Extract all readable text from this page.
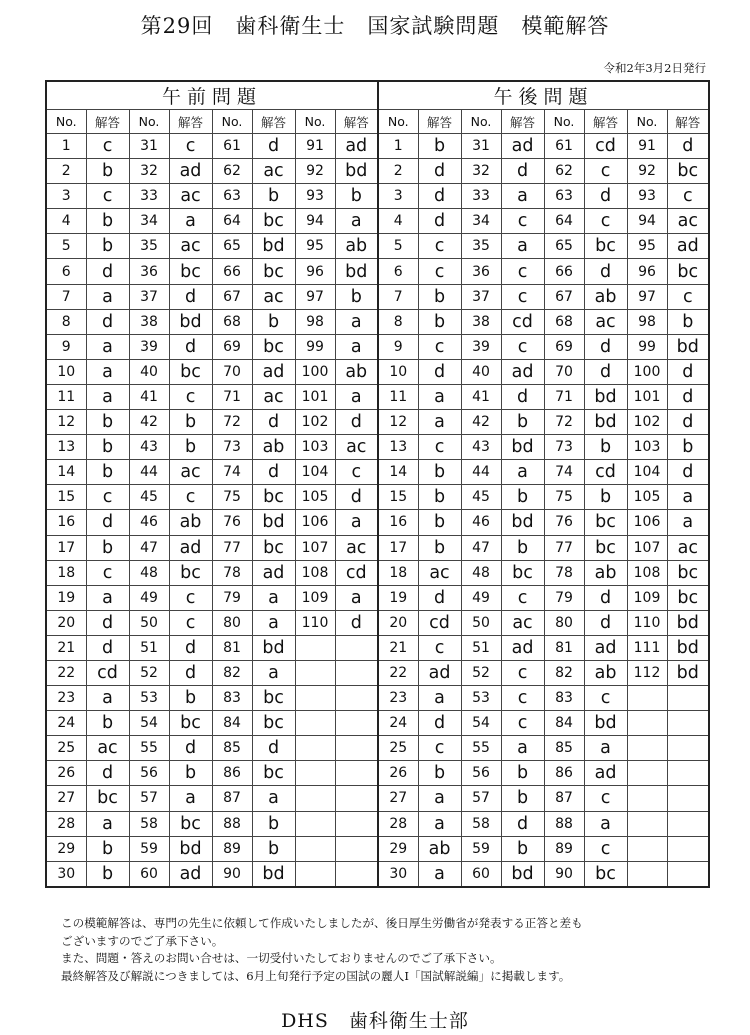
第29回　歯科衛生士　国家試験問題　模範解答
令和2年3月2日発行
午前問題								午後問題							
No.	解答	No.	解答	No.	解答	No.	解答	No.	解答	No.	解答	No.	解答	No.	解答
1	c	31	c	61	d	91	ad	1	b	31	ad	61	cd	91	d
2	b	32	ad	62	ac	92	bd	2	d	32	d	62	c	92	bc
3	c	33	ac	63	b	93	b	3	d	33	a	63	d	93	c
4	b	34	a	64	bc	94	a	4	d	34	c	64	c	94	ac
5	b	35	ac	65	bd	95	ab	5	c	35	a	65	bc	95	ad
6	d	36	bc	66	bc	96	bd	6	c	36	c	66	d	96	bc
7	a	37	d	67	ac	97	b	7	b	37	c	67	ab	97	c
8	d	38	bd	68	b	98	a	8	b	38	cd	68	ac	98	b
9	a	39	d	69	bc	99	a	9	c	39	c	69	d	99	bd
10	a	40	bc	70	ad	100	ab	10	d	40	ad	70	d	100	d
11	a	41	c	71	ac	101	a	11	a	41	d	71	bd	101	d
12	b	42	b	72	d	102	d	12	a	42	b	72	bd	102	d
13	b	43	b	73	ab	103	ac	13	c	43	bd	73	b	103	b
14	b	44	ac	74	d	104	c	14	b	44	a	74	cd	104	d
15	c	45	c	75	bc	105	d	15	b	45	b	75	b	105	a
16	d	46	ab	76	bd	106	a	16	b	46	bd	76	bc	106	a
17	b	47	ad	77	bc	107	ac	17	b	47	b	77	bc	107	ac
18	c	48	bc	78	ad	108	cd	18	ac	48	bc	78	ab	108	bc
19	a	49	c	79	a	109	a	19	d	49	c	79	d	109	bc
20	d	50	c	80	a	110	d	20	cd	50	ac	80	d	110	bd
21	d	51	d	81	bd			21	c	51	ad	81	ad	111	bd
22	cd	52	d	82	a			22	ad	52	c	82	ab	112	bd
23	a	53	b	83	bc			23	a	53	c	83	c		
24	b	54	bc	84	bc			24	d	54	c	84	bd		
25	ac	55	d	85	d			25	c	55	a	85	a		
26	d	56	b	86	bc			26	b	56	b	86	ad		
27	bc	57	a	87	a			27	a	57	b	87	c		
28	a	58	bc	88	b			28	a	58	d	88	a		
29	b	59	bd	89	b			29	ab	59	b	89	c		
30	b	60	ad	90	bd			30	a	60	bd	90	bc		

この模範解答は、専門の先生に依頼して作成いたしましたが、後日厚生労働省が発表する正答と差も

ございますのでご了承下さい。

また、問題・答えのお問い合せは、一切受付いたしておりませんのでご了承下さい。

最終解答及び解説につきましては、6月上旬発行予定の国試の麗人Ⅰ「国試解説編」に掲載します。

DHS　歯科衛生士部
